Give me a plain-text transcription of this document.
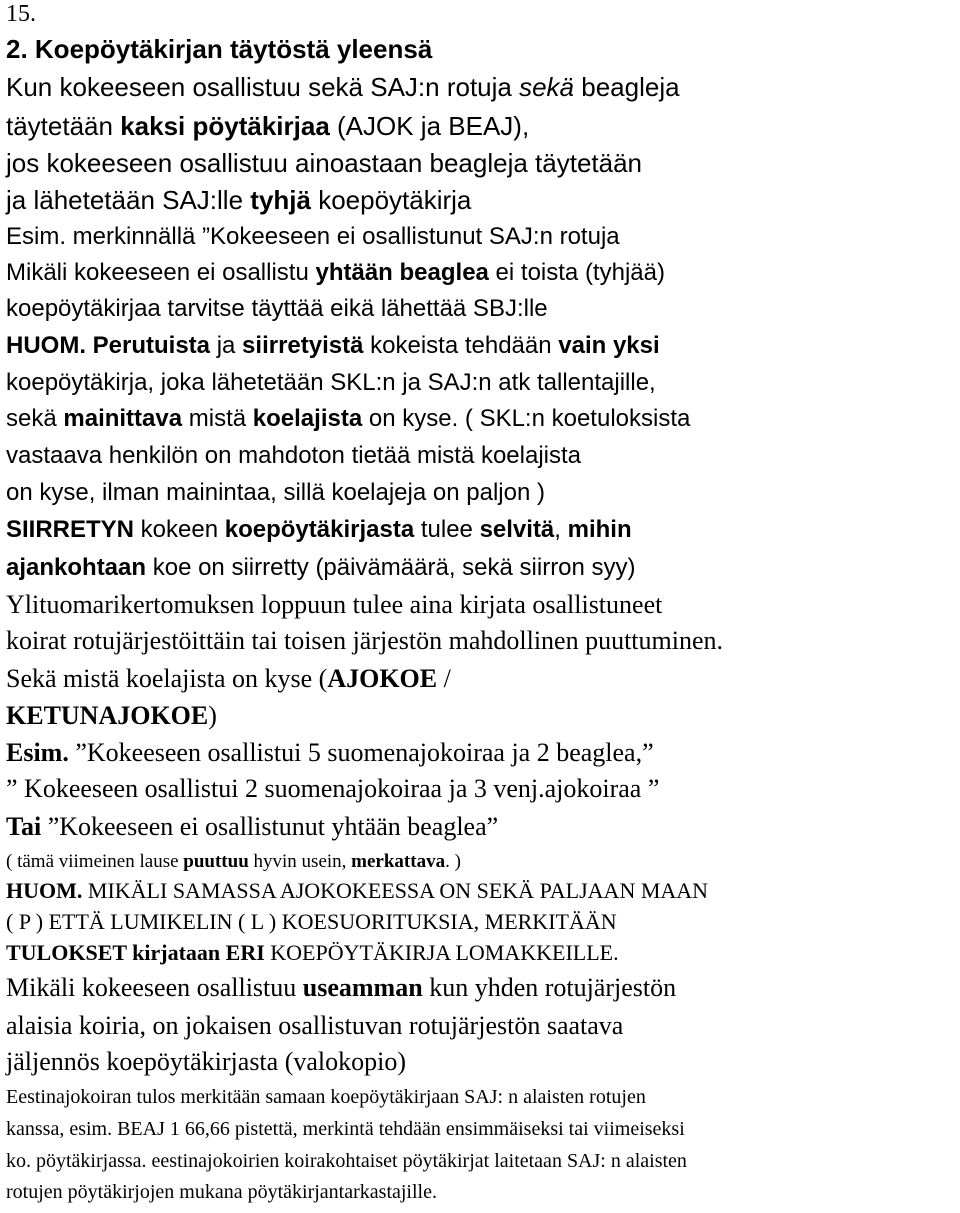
15.
2. Koepöytäkirjan täytöstä yleensä
Kun kokeeseen osallistuu sekä SAJ:n rotuja sekä beagleja
täytetään kaksi pöytäkirjaa (AJOK ja BEAJ),
jos kokeeseen osallistuu ainoastaan beagleja täytetään
ja lähetetään SAJ:lle tyhjä koepöytäkirja
Esim. merkinnällä ”Kokeeseen ei osallistunut SAJ:n rotuja
Mikäli kokeeseen ei osallistu yhtään beaglea ei toista (tyhjää)
koepöytäkirjaa tarvitse täyttää eikä lähettää SBJ:lle
HUOM. Perutuista ja siirretyistä kokeista tehdään vain yksi
koepöytäkirja, joka lähetetään SKL:n ja SAJ:n atk tallentajille,
sekä mainittava mistä koelajista on kyse. ( SKL:n koetuloksista
vastaava henkilön on mahdoton tietää mistä koelajista
on kyse, ilman mainintaa, sillä koelajeja on paljon )
SIIRRETYN kokeen koepöytäkirjasta tulee selvitä, mihin
ajankohtaan koe on siirretty (päivämäärä, sekä siirron syy)
Ylituomarikertomuksen loppuun tulee aina kirjata osallistuneet
koirat rotujärjestöittäin tai toisen järjestön mahdollinen puuttuminen.
Sekä mistä koelajista on kyse (AJOKOE /
KETUNAJOKOE)
Esim. ”Kokeeseen osallistui 5 suomenajokoiraa ja 2 beaglea,”
” Kokeeseen osallistui 2 suomenajokoiraa ja 3 venj.ajokoiraa ”
Tai ”Kokeeseen ei osallistunut yhtään beaglea”
( tämä viimeinen lause puuttuu hyvin usein, merkattava. )
HUOM. MIKÄLI SAMASSA AJOKOKEESSA ON SEKÄ PALJAAN MAAN
( P ) ETTÄ LUMIKELIN ( L ) KOESUORITUKSIA, MERKITÄÄN
TULOKSET kirjataan ERI KOEPÖYTÄKIRJA LOMAKKEILLE.
Mikäli kokeeseen osallistuu useamman kun yhden rotujärjestön
alaisia koiria, on jokaisen osallistuvan rotujärjestön saatava
jäljennös koepöytäkirjasta (valokopio)
Eestinajokoiran tulos merkitään samaan koepöytäkirjaan SAJ: n alaisten rotujen
kanssa, esim. BEAJ 1 66,66 pistettä, merkintä tehdään ensimmäiseksi tai viimeiseksi
ko. pöytäkirjassa. eestinajokoirien koirakohtaiset pöytäkirjat laitetaan SAJ: n alaisten
rotujen pöytäkirjojen mukana pöytäkirjantarkastajille.
